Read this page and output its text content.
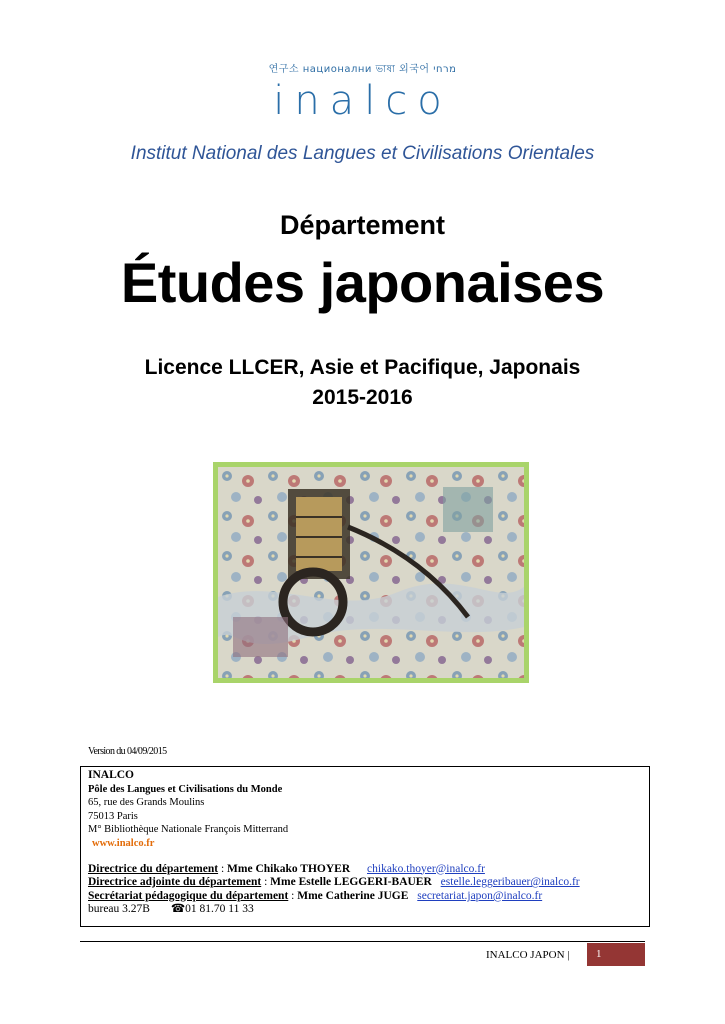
연구소 национални ভাষা 외국어 מרחי
inalco
Institut National des Langues et Civilisations Orientales
Département
Études japonaises
Licence LLCER, Asie et Pacifique, Japonais
2015-2016
Version du 04/09/2015
INALCO
Pôle des Langues et Civilisations du Monde
65, rue des Grands Moulins
75013 Paris
M° Bibliothèque Nationale François Mitterrand
www.inalco.fr
Directrice du département : Mme Chikako THOYER chikako.thoyer@inalco.fr
Directrice adjointe du département : Mme Estelle LEGGERI-BAUER estelle.leggeribauer@inalco.fr
Secrétariat pédagogique du département : Mme Catherine JUGE secretariat.japon@inalco.fr
bureau 3.27B ☎01 81.70 11 33
INALCO JAPON |	1
